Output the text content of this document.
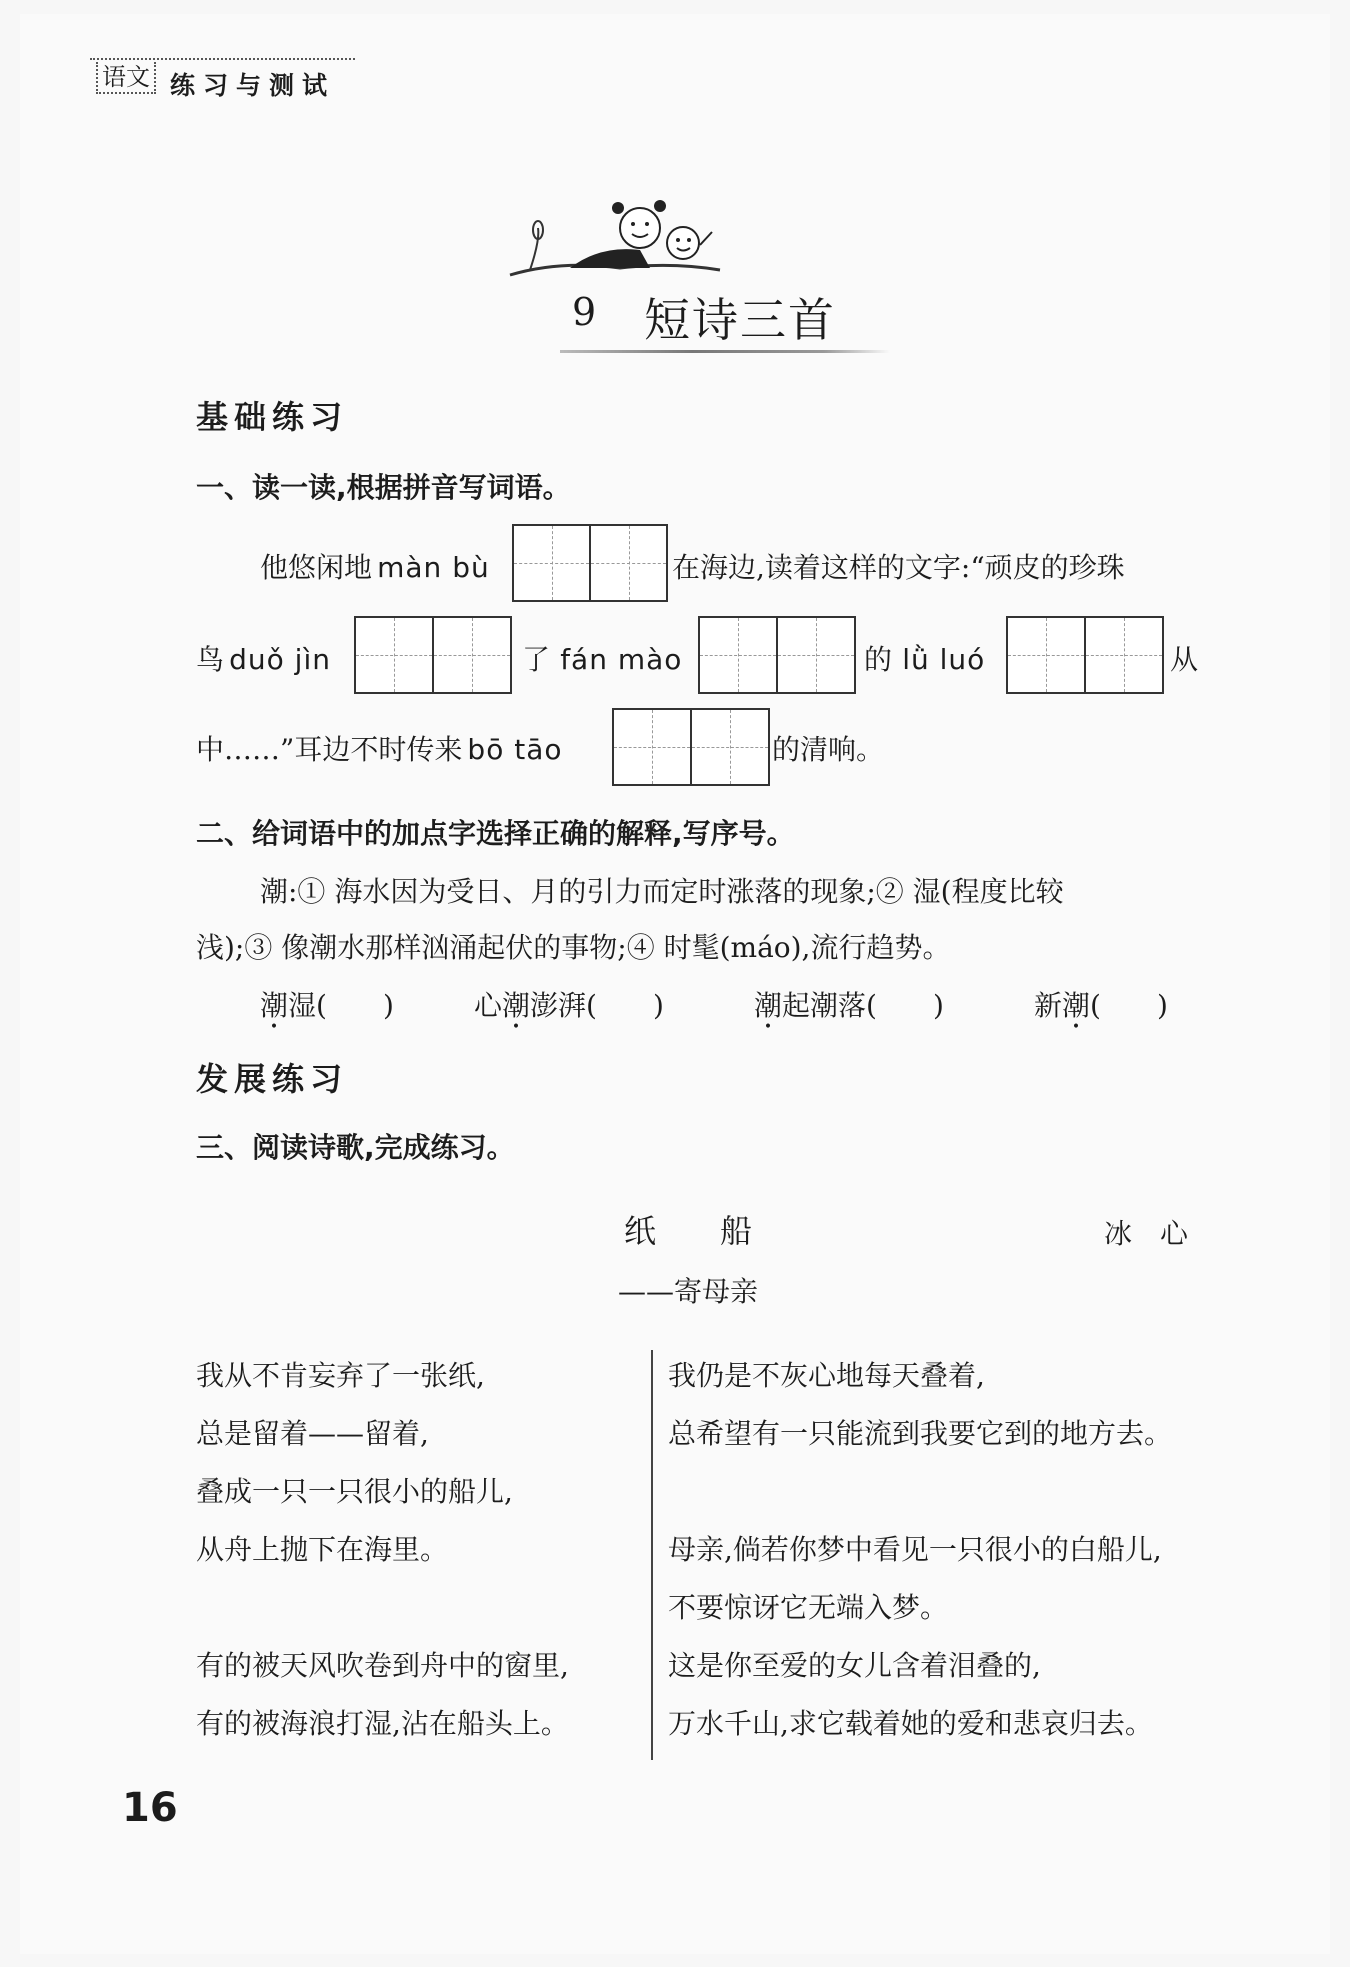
语文 练习与测试
9 短诗三首
基础练习
一、读一读,根据拼音写词语。
他悠闲地 màn bù	在海边,读着这样的文字:“顽皮的珍珠
鸟 duǒ jìn	了 fán mào	的 lǜ luó	从
中……”耳边不时传来 bō tāo	的清响。
二、给词语中的加点字选择正确的解释,写序号。
潮:① 海水因为受日、月的引力而定时涨落的现象;② 湿(程度比较
浅);③ 像潮水那样汹涌起伏的事物;④ 时髦(máo),流行趋势。
潮湿(　　)	心潮澎湃(　　)	潮起潮落(　　)	新潮(　　)
发展练习
三、阅读诗歌,完成练习。
纸　　船	冰　心
——寄母亲
我从不肯妄弃了一张纸,
总是留着——留着,
叠成一只一只很小的船儿,
从舟上抛下在海里。
有的被天风吹卷到舟中的窗里,
有的被海浪打湿,沾在船头上。
我仍是不灰心地每天叠着,
总希望有一只能流到我要它到的地方去。
母亲,倘若你梦中看见一只很小的白船儿,
不要惊讶它无端入梦。
这是你至爱的女儿含着泪叠的,
万水千山,求它载着她的爱和悲哀归去。
16
